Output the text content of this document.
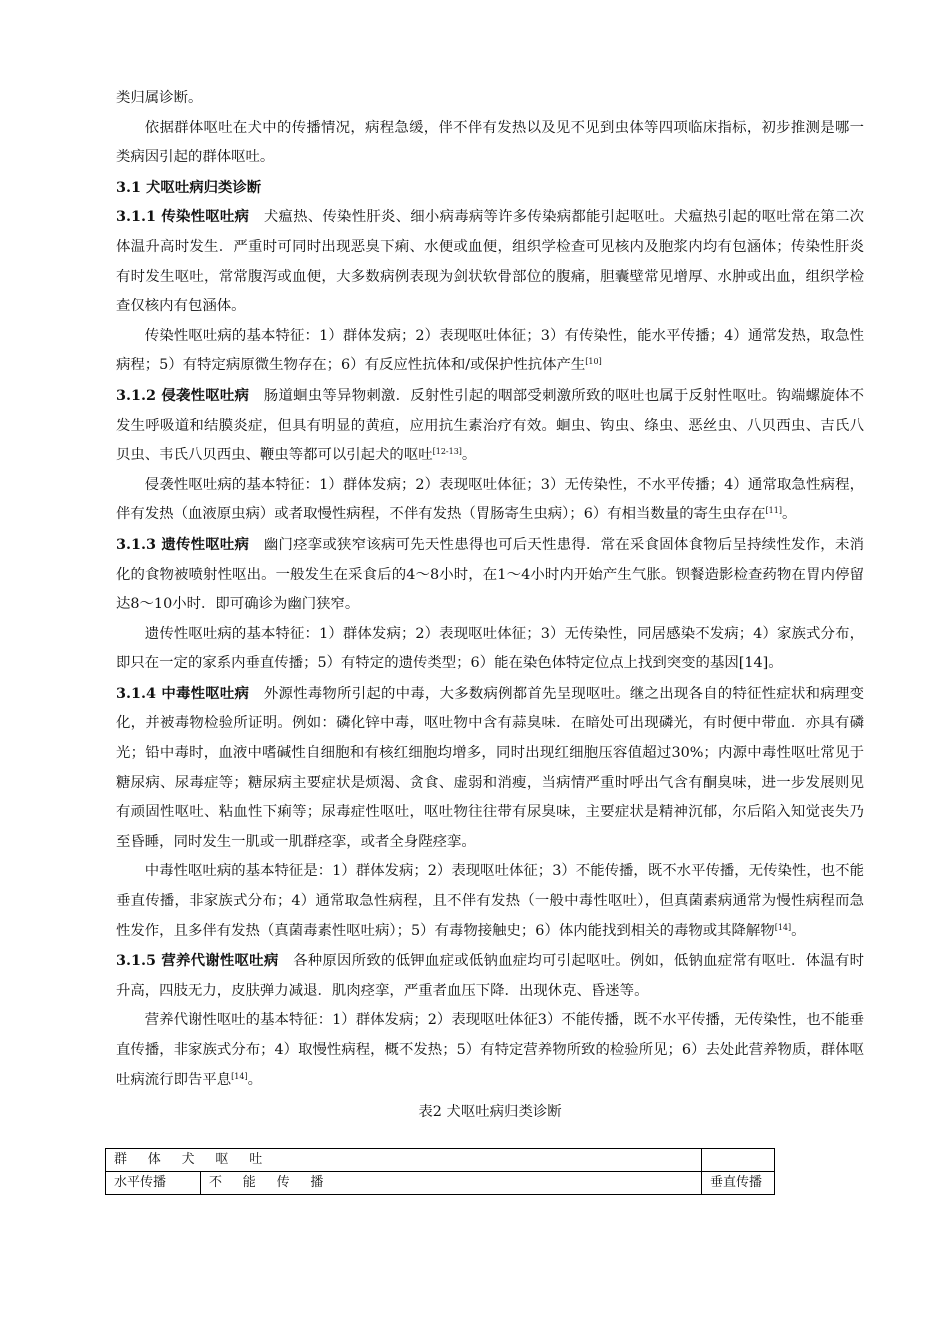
类归属诊断。

依据群体呕吐在犬中的传播情况，病程急缓，伴不伴有发热以及见不见到虫体等四项临床指标，初步推测是哪一类病因引起的群体呕吐。

3.1 犬呕吐病归类诊断

3.1.1 传染性呕吐病　犬瘟热、传染性肝炎、细小病毒病等许多传染病都能引起呕吐。犬瘟热引起的呕吐常在第二次体温升高时发生．严重时可同时出现恶臭下痢、水便或血便，组织学检查可见核内及胞浆内均有包涵体；传染性肝炎有时发生呕吐，常常腹泻或血便，大多数病例表现为剑状软骨部位的腹痛，胆囊壁常见增厚、水肿或出血，组织学检查仅核内有包涵体。

传染性呕吐病的基本特征：1）群体发病；2）表现呕吐体征；3）有传染性，能水平传播；4）通常发热，取急性病程；5）有特定病原微生物存在；6）有反应性抗体和/或保护性抗体产生[10]

3.1.2 侵袭性呕吐病　肠道蛔虫等异物刺激．反射性引起的咽部受刺激所致的呕吐也属于反射性呕吐。钩端螺旋体不发生呼吸道和结膜炎症，但具有明显的黄疸，应用抗生素治疗有效。蛔虫、钩虫、绦虫、恶丝虫、八贝西虫、吉氏八贝虫、韦氏八贝西虫、鞭虫等都可以引起犬的呕吐[12-13]。

侵袭性呕吐病的基本特征：1）群体发病；2）表现呕吐体征；3）无传染性，不水平传播；4）通常取急性病程，伴有发热（血液原虫病）或者取慢性病程，不伴有发热（胃肠寄生虫病）；6）有相当数量的寄生虫存在[11]。

3.1.3 遗传性呕吐病　幽门痉挛或狭窄该病可先天性患得也可后天性患得．常在采食固体食物后呈持续性发作，未消化的食物被喷射性呕出。一般发生在采食后的4～8小时，在1～4小时内开始产生气胀。钡餐造影检查药物在胃内停留达8～10小时．即可确诊为幽门狭窄。

遗传性呕吐病的基本特征：1）群体发病；2）表现呕吐体征；3）无传染性，同居感染不发病；4）家族式分布，即只在一定的家系内垂直传播；5）有特定的遗传类型；6）能在染色体特定位点上找到突变的基因[14]。

3.1.4 中毒性呕吐病　外源性毒物所引起的中毒，大多数病例都首先呈现呕吐。继之出现各自的特征性症状和病理变化，并被毒物检验所证明。例如：磷化锌中毒，呕吐物中含有蒜臭味．在暗处可出现磷光，有时便中带血．亦具有磷光；铅中毒时，血液中嗜碱性自细胞和有核红细胞均增多，同时出现红细胞压容值超过30%；内源中毒性呕吐常见于糖尿病、尿毒症等；糖尿病主要症状是烦渴、贪食、虚弱和消瘦，当病情严重时呼出气含有酮臭味，进一步发展则见有顽固性呕吐、粘血性下痢等；尿毒症性呕吐，呕吐物往往带有尿臭味，主要症状是精神沉郁，尔后陷入知觉丧失乃至昏睡，同时发生一肌或一肌群痉挛，或者全身陛痉挛。

中毒性呕吐病的基本特征是：1）群体发病；2）表现呕吐体征；3）不能传播，既不水平传播，无传染性，也不能垂直传播，非家族式分布；4）通常取急性病程，且不伴有发热（一般中毒性呕吐），但真菌素病通常为慢性病程而急性发作，且多伴有发热（真菌毒素性呕吐病）；5）有毒物接触史；6）体内能找到相关的毒物或其降解物[14]。

3.1.5 营养代谢性呕吐病　各种原因所致的低钾血症或低钠血症均可引起呕吐。例如，低钠血症常有呕吐．体温有时升高，四肢无力，皮肤弹力减退．肌肉痉挛，严重者血压下降．出现休克、昏迷等。

营养代谢性呕吐的基本特征：1）群体发病；2）表现呕吐体征3）不能传播，既不水平传播，无传染性，也不能垂直传播，非家族式分布；4）取慢性病程，概不发热；5）有特定营养物所致的检验所见；6）去处此营养物质，群体呕吐病流行即告平息[14]。

表2 犬呕吐病归类诊断

群体犬呕吐		
水平传播	不能传播	垂直传播
